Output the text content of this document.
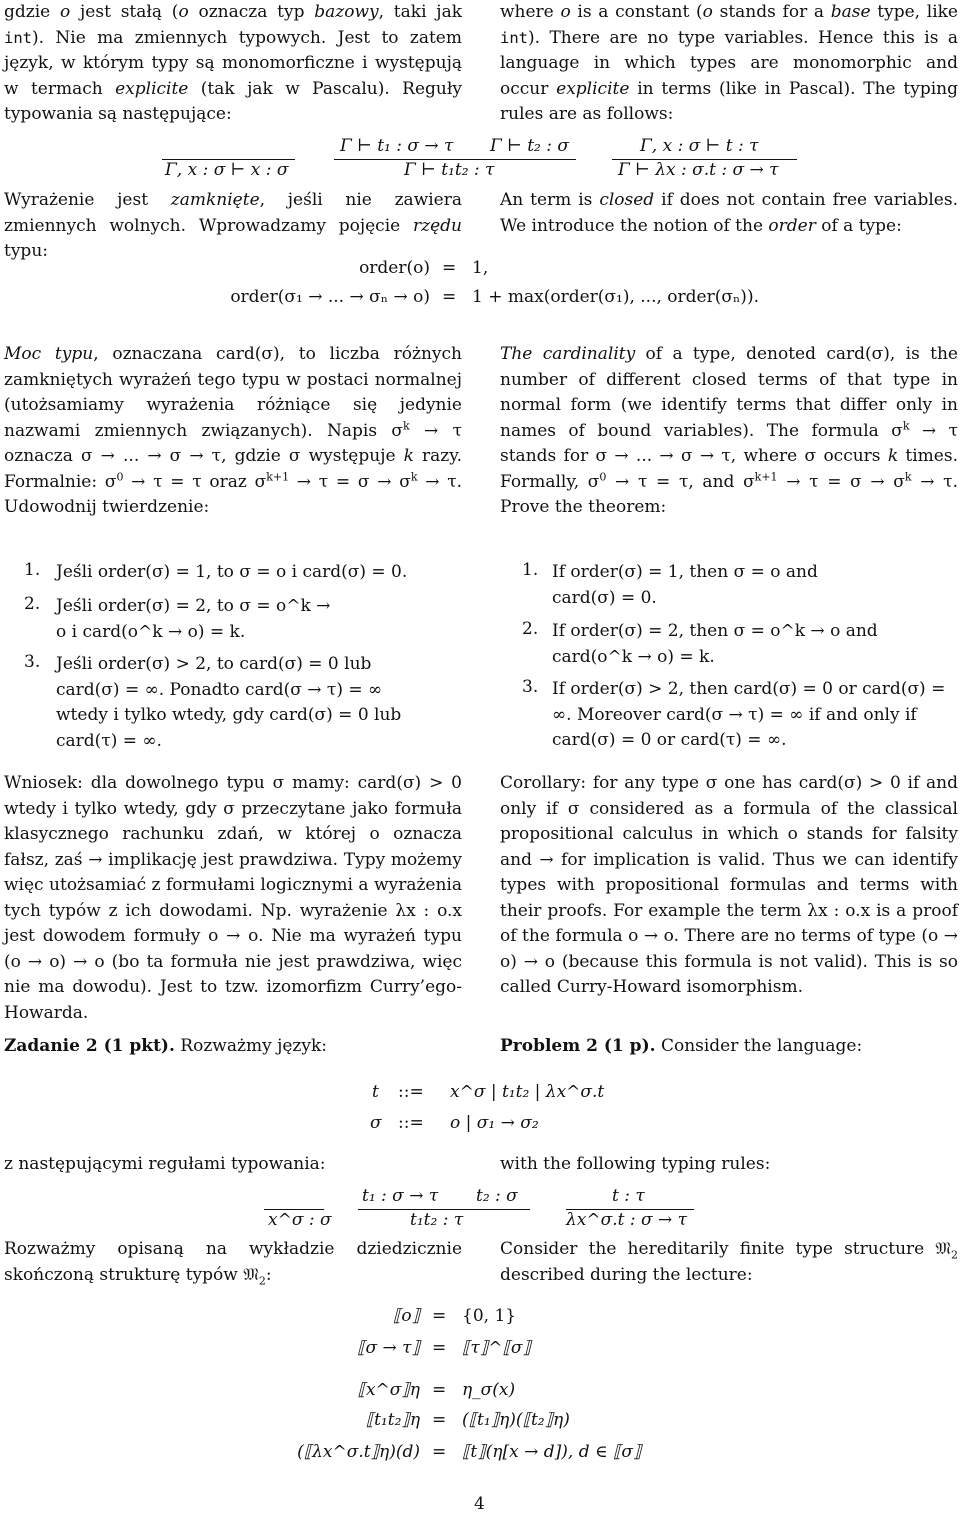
gdzie o jest stałą (o oznacza typ bazowy, taki jak int). Nie ma zmiennych typowych. Jest to zatem język, w którym typy są monomorficzne i występują w termach explicite (tak jak w Pascalu). Reguły typowania są następujące:
where o is a constant (o stands for a base type, like int). There are no type variables. Hence this is a language in which types are monomorphic and occur explicite in terms (like in Pascal). The typing rules are as follows:
Γ, x : σ ⊢ x : σ
Γ ⊢ t₁ : σ → τ Γ ⊢ t₂ : σ
Γ ⊢ t₁t₂ : τ
Γ, x : σ ⊢ t : τ
Γ ⊢ λx : σ.t : σ → τ
Wyrażenie jest zamknięte, jeśli nie zawiera zmiennych wolnych. Wprowadzamy pojęcie rzędu typu:
An term is closed if does not contain free variables. We introduce the notion of the order of a type:
order(o) = 1,
order(σ₁ → ... → σₙ → o) = 1 + max(order(σ₁), ..., order(σₙ)).
Moc typu, oznaczana card(σ), to liczba różnych zamkniętych wyrażeń tego typu w postaci normalnej (utożsamiamy wyrażenia różniące się jedynie nazwami zmiennych związanych). Napis $\sigma^k \to \tau$ oznacza σ → ... → σ → τ, gdzie σ występuje k razy. Formalnie: $\sigma^0 \to \tau = \tau$ oraz $\sigma^{k+1} \to \tau = \sigma \to \sigma^k \to \tau$. Udowodnij twierdzenie:
The cardinality of a type, denoted card(σ), is the number of different closed terms of that type in normal form (we identify terms that differ only in names of bound variables). The formula $\sigma^k \to \tau$ stands for σ → ... → σ → τ, where σ occurs k times. Formally, $\sigma^0 \to \tau = \tau$, and $\sigma^{k+1} \to \tau = \sigma \to \sigma^k \to \tau$. Prove the theorem:
1. Jeśli order(σ) = 1, to σ = o i card(σ) = 0.
2. Jeśli order(σ) = 2, to σ = o^k → o i card(o^k → o) = k.
3. Jeśli order(σ) > 2, to card(σ) = 0 lub card(σ) = ∞. Ponadto card(σ → τ) = ∞ wtedy i tylko wtedy, gdy card(σ) = 0 lub card(τ) = ∞.
1. If order(σ) = 1, then σ = o and card(σ) = 0.
2. If order(σ) = 2, then σ = o^k → o and card(o^k → o) = k.
3. If order(σ) > 2, then card(σ) = 0 or card(σ) = ∞. Moreover card(σ → τ) = ∞ if and only if card(σ) = 0 or card(τ) = ∞.
Wniosek: dla dowolnego typu σ mamy: card(σ) > 0 wtedy i tylko wtedy, gdy σ przeczytane jako formuła klasycznego rachunku zdań, w której o oznacza fałsz, zaś → implikację jest prawdziwa. Typy możemy więc utożsamiać z formułami logicznymi a wyrażenia tych typów z ich dowodami. Np. wyrażenie λx : o.x jest dowodem formuły o → o. Nie ma wyrażeń typu (o → o) → o (bo ta formuła nie jest prawdziwa, więc nie ma dowodu). Jest to tzw. izomorfizm Curry’ego-Howarda.
Corollary: for any type σ one has card(σ) > 0 if and only if σ considered as a formula of the classical propositional calculus in which o stands for falsity and → for implication is valid. Thus we can identify types with propositional formulas and terms with their proofs. For example the term λx : o.x is a proof of the formula o → o. There are no terms of type (o → o) → o (because this formula is not valid). This is so called Curry-Howard isomorphism.
Zadanie 2 (1 pkt). Rozważmy język:	Problem 2 (1 p). Consider the language:
t ::= x^σ | t₁t₂ | λx^σ.t
σ ::= o | σ₁ → σ₂
z następującymi regułami typowania:	with the following typing rules:
x^σ : σ
t₁ : σ → τ t₂ : σ
t₁t₂ : τ
t : τ
λx^σ.t : σ → τ
Rozważmy opisaną na wykładzie dziedzicznie skończoną strukturę typów 𝔐$_2$:
Consider the hereditarily finite type structure 𝔐$_2$ described during the lecture:
⟦o⟧ = {0, 1}
⟦σ → τ⟧ = ⟦τ⟧^⟦σ⟧
⟦x^σ⟧η = η_σ(x)
⟦t₁t₂⟧η = (⟦t₁⟧η)(⟦t₂⟧η)
(⟦λx^σ.t⟧η)(d) = ⟦t⟧(η[x → d]), d ∈ ⟦σ⟧
4
